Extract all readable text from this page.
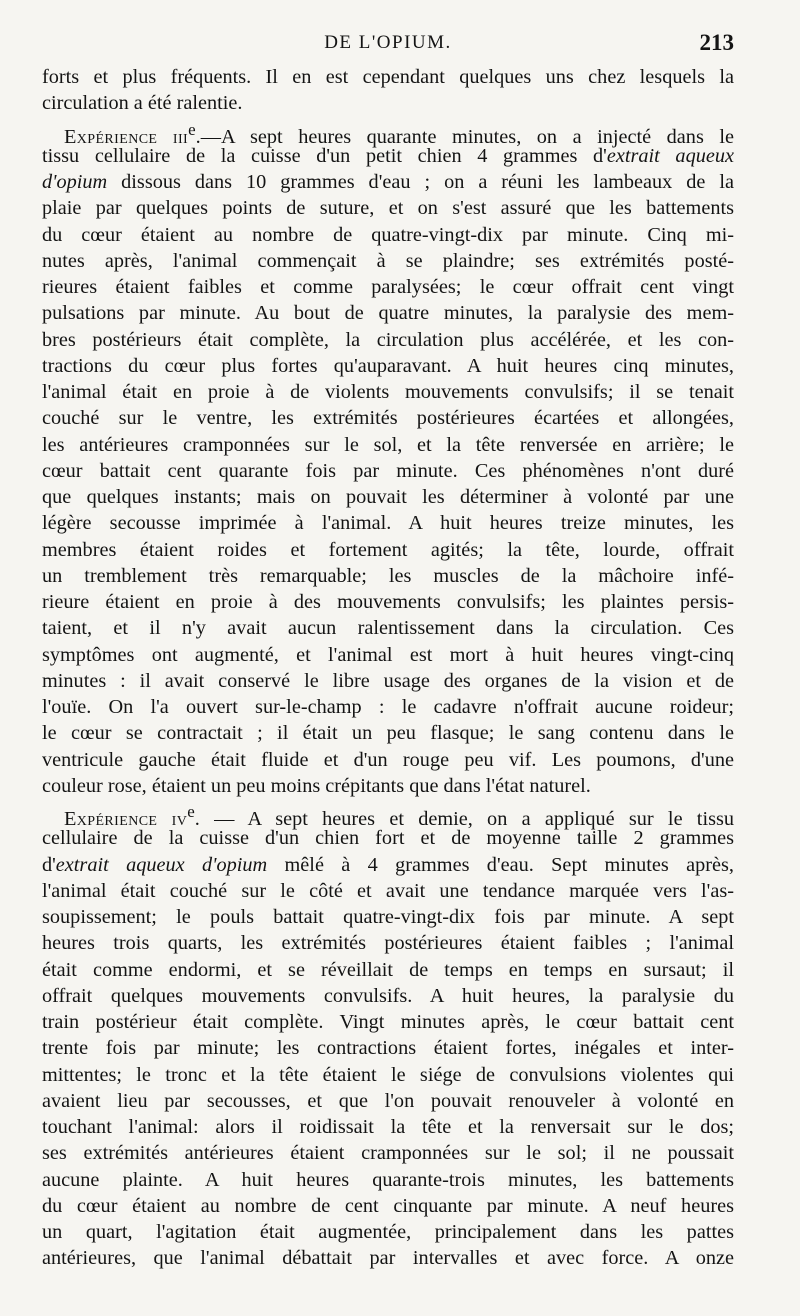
DE L'OPIUM.	213
forts et plus fréquents. Il en est cependant quelques uns chez lesquels la
circulation a été ralentie.
Expérience iii$^e$.—A sept heures quarante minutes, on a injecté dans le
tissu cellulaire de la cuisse d'un petit chien 4 grammes d'extrait aqueux
d'opium dissous dans 10 grammes d'eau ; on a réuni les lambeaux de la
plaie par quelques points de suture, et on s'est assuré que les battements
du cœur étaient au nombre de quatre-vingt-dix par minute. Cinq mi-
nutes après, l'animal commençait à se plaindre; ses extrémités posté-
rieures étaient faibles et comme paralysées; le cœur offrait cent vingt
pulsations par minute. Au bout de quatre minutes, la paralysie des mem-
bres postérieurs était complète, la circulation plus accélérée, et les con-
tractions du cœur plus fortes qu'auparavant. A huit heures cinq minutes,
l'animal était en proie à de violents mouvements convulsifs; il se tenait
couché sur le ventre, les extrémités postérieures écartées et allongées,
les antérieures cramponnées sur le sol, et la tête renversée en arrière; le
cœur battait cent quarante fois par minute. Ces phénomènes n'ont duré
que quelques instants; mais on pouvait les déterminer à volonté par une
légère secousse imprimée à l'animal. A huit heures treize minutes, les
membres étaient roides et fortement agités; la tête, lourde, offrait
un tremblement très remarquable; les muscles de la mâchoire infé-
rieure étaient en proie à des mouvements convulsifs; les plaintes persis-
taient, et il n'y avait aucun ralentissement dans la circulation. Ces
symptômes ont augmenté, et l'animal est mort à huit heures vingt-cinq
minutes : il avait conservé le libre usage des organes de la vision et de
l'ouïe. On l'a ouvert sur-le-champ : le cadavre n'offrait aucune roideur;
le cœur se contractait ; il était un peu flasque; le sang contenu dans le
ventricule gauche était fluide et d'un rouge peu vif. Les poumons, d'une
couleur rose, étaient un peu moins crépitants que dans l'état naturel.
Expérience $iv^e$. — A sept heures et demie, on a appliqué sur le tissu
cellulaire de la cuisse d'un chien fort et de moyenne taille 2 grammes
d'extrait aqueux d'opium mêlé à 4 grammes d'eau. Sept minutes après,
l'animal était couché sur le côté et avait une tendance marquée vers l'as-
soupissement; le pouls battait quatre-vingt-dix fois par minute. A sept
heures trois quarts, les extrémités postérieures étaient faibles ; l'animal
était comme endormi, et se réveillait de temps en temps en sursaut; il
offrait quelques mouvements convulsifs. A huit heures, la paralysie du
train postérieur était complète. Vingt minutes après, le cœur battait cent
trente fois par minute; les contractions étaient fortes, inégales et inter-
mittentes; le tronc et la tête étaient le siége de convulsions violentes qui
avaient lieu par secousses, et que l'on pouvait renouveler à volonté en
touchant l'animal: alors il roidissait la tête et la renversait sur le dos;
ses extrémités antérieures étaient cramponnées sur le sol; il ne poussait
aucune plainte. A huit heures quarante-trois minutes, les battements
du cœur étaient au nombre de cent cinquante par minute. A neuf heures
un quart, l'agitation était augmentée, principalement dans les pattes
antérieures, que l'animal débattait par intervalles et avec force. A onze
